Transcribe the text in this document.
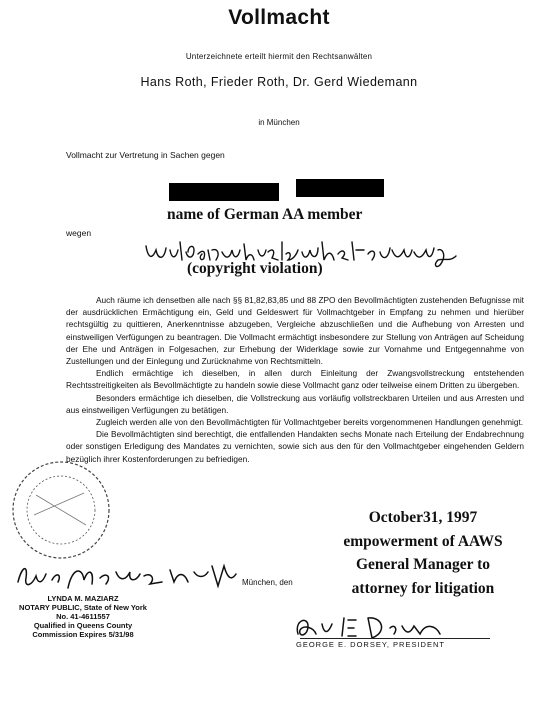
Vollmacht
Unterzeichnete erteilt hiermit den Rechtsanwälten
Hans Roth, Frieder Roth, Dr. Gerd Wiedemann
in München
Vollmacht zur Vertretung in Sachen gegen
name of German AA member
wegen
(copyright violation)

Auch räume ich densetben alle nach §§ 81,82,83,85 und 88 ZPO den Bevollmächtigten zustehenden Befugnisse mit der ausdrücklichen Ermächtigung ein, Geld und Geldeswert für Vollmachtgeber in Empfang zu nehmen und hierüber rechtsgültig zu quittieren, Anerkenntnisse abzugeben, Vergleiche abzuschließen und die Aufhebung von Arresten und einstweiligen Verfügungen zu beantragen. Die Vollmacht ermächtigt insbesondere zur Stellung von Anträgen auf Scheidung der Ehe und Anträgen in Folgesachen, zur Erhebung der Widerklage sowie zur Vornahme und Entgegennahme von Zustellungen und der Einlegung und Zurücknahme von Rechtsmitteln.

Endlich ermächtige ich dieselben, in allen durch Einleitung der Zwangsvollstreckung entstehenden Rechtsstreitigkeiten als Bevollmächtigte zu handeln sowie diese Vollmacht ganz oder teilweise einem Dritten zu übergeben.

Besonders ermächtige ich dieselben, die Vollstreckung aus vorläufig vollstreckbaren Urteilen und aus Arresten und aus einstweiligen Verfügungen zu betätigen.

Zugleich werden alle von den Bevollmächtigten für Vollmachtgeber bereits vorgenommenen Handlungen genehmigt.

Die Bevollmächtigten sind berechtigt, die entfallenden Handakten sechs Monate nach Erteilung der Endabrechnung oder sonstigen Erledigung des Mandates zu vernichten, sowie sich aus den für den Vollmachtgeber eingehenden Geldern bezüglich ihrer Kostenforderungen zu befriedigen.

October31, 1997
empowerment of AAWS
General Manager to
attorney for litigation
LYNDA M. MAZIARZ
NOTARY PUBLIC, State of New York
No. 41-4611557
Qualified in Queens County
Commission Expires 5/31/98
München, den
GEORGE E. DORSEY, PRESIDENT
